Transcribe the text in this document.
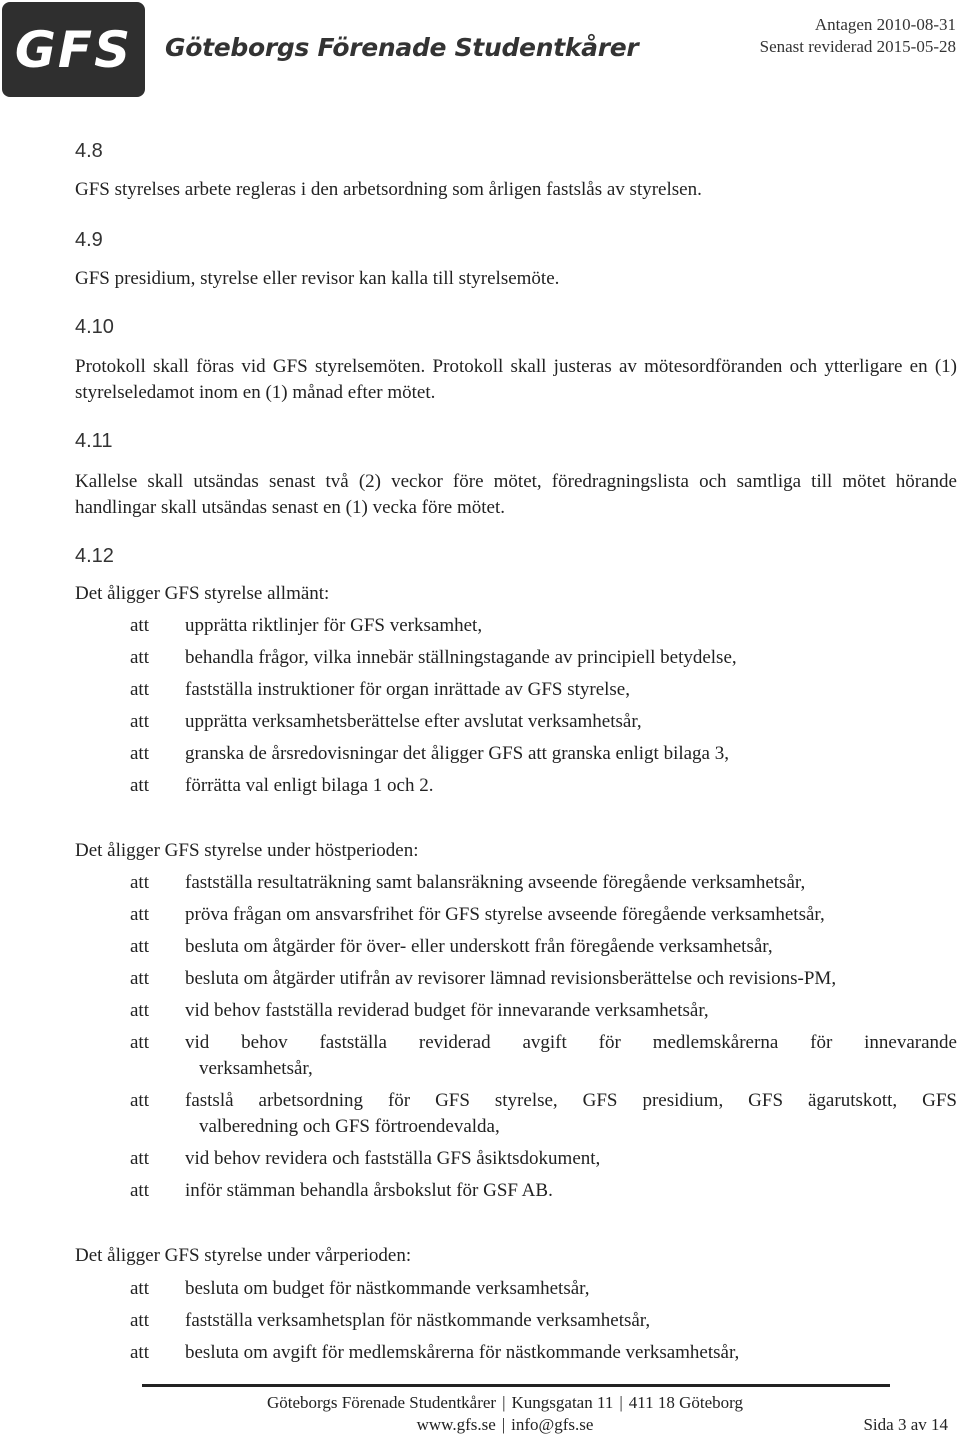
GFS Göteborgs Förenade Studentkårer
Antagen 2010-08-31
Senast reviderad 2015-05-28
4.8
GFS styrelses arbete regleras i den arbetsordning som årligen fastslås av styrelsen.
4.9
GFS presidium, styrelse eller revisor kan kalla till styrelsemöte.
4.10
Protokoll skall föras vid GFS styrelsemöten. Protokoll skall justeras av mötesordföranden och ytterligare en (1) styrelseledamot inom en (1) månad efter mötet.
4.11
Kallelse skall utsändas senast två (2) veckor före mötet, föredragningslista och samtliga till mötet hörande handlingar skall utsändas senast en (1) vecka före mötet.
4.12
Det åligger GFS styrelse allmänt:
att	upprätta riktlinjer för GFS verksamhet,
att	behandla frågor, vilka innebär ställningstagande av principiell betydelse,
att	fastställa instruktioner för organ inrättade av GFS styrelse,
att	upprätta verksamhetsberättelse efter avslutat verksamhetsår,
att	granska de årsredovisningar det åligger GFS att granska enligt bilaga 3,
att	förrätta val enligt bilaga 1 och 2.
Det åligger GFS styrelse under höstperioden:
att	fastställa resultaträkning samt balansräkning avseende föregående verksamhetsår,
att	pröva frågan om ansvarsfrihet för GFS styrelse avseende föregående verksamhetsår,
att	besluta om åtgärder för över- eller underskott från föregående verksamhetsår,
att	besluta om åtgärder utifrån av revisorer lämnad revisionsberättelse och revisions-PM,
att	vid behov fastställa reviderad budget för innevarande verksamhetsår,
att	vid behov fastställa reviderad avgift för medlemskårerna för innevarande
verksamhetsår,
att	fastslå arbetsordning för GFS styrelse, GFS presidium, GFS ägarutskott, GFS
valberedning och GFS förtroendevalda,
att	vid behov revidera och fastställa GFS åsiktsdokument,
att	inför stämman behandla årsbokslut för GSF AB.
Det åligger GFS styrelse under vårperioden:
att	besluta om budget för nästkommande verksamhetsår,
att	fastställa verksamhetsplan för nästkommande verksamhetsår,
att	besluta om avgift för medlemskårerna för nästkommande verksamhetsår,
Göteborgs Förenade Studentkårer | Kungsgatan 11 | 411 18 Göteborg
www.gfs.se | info@gfs.se	Sida 3 av 14
